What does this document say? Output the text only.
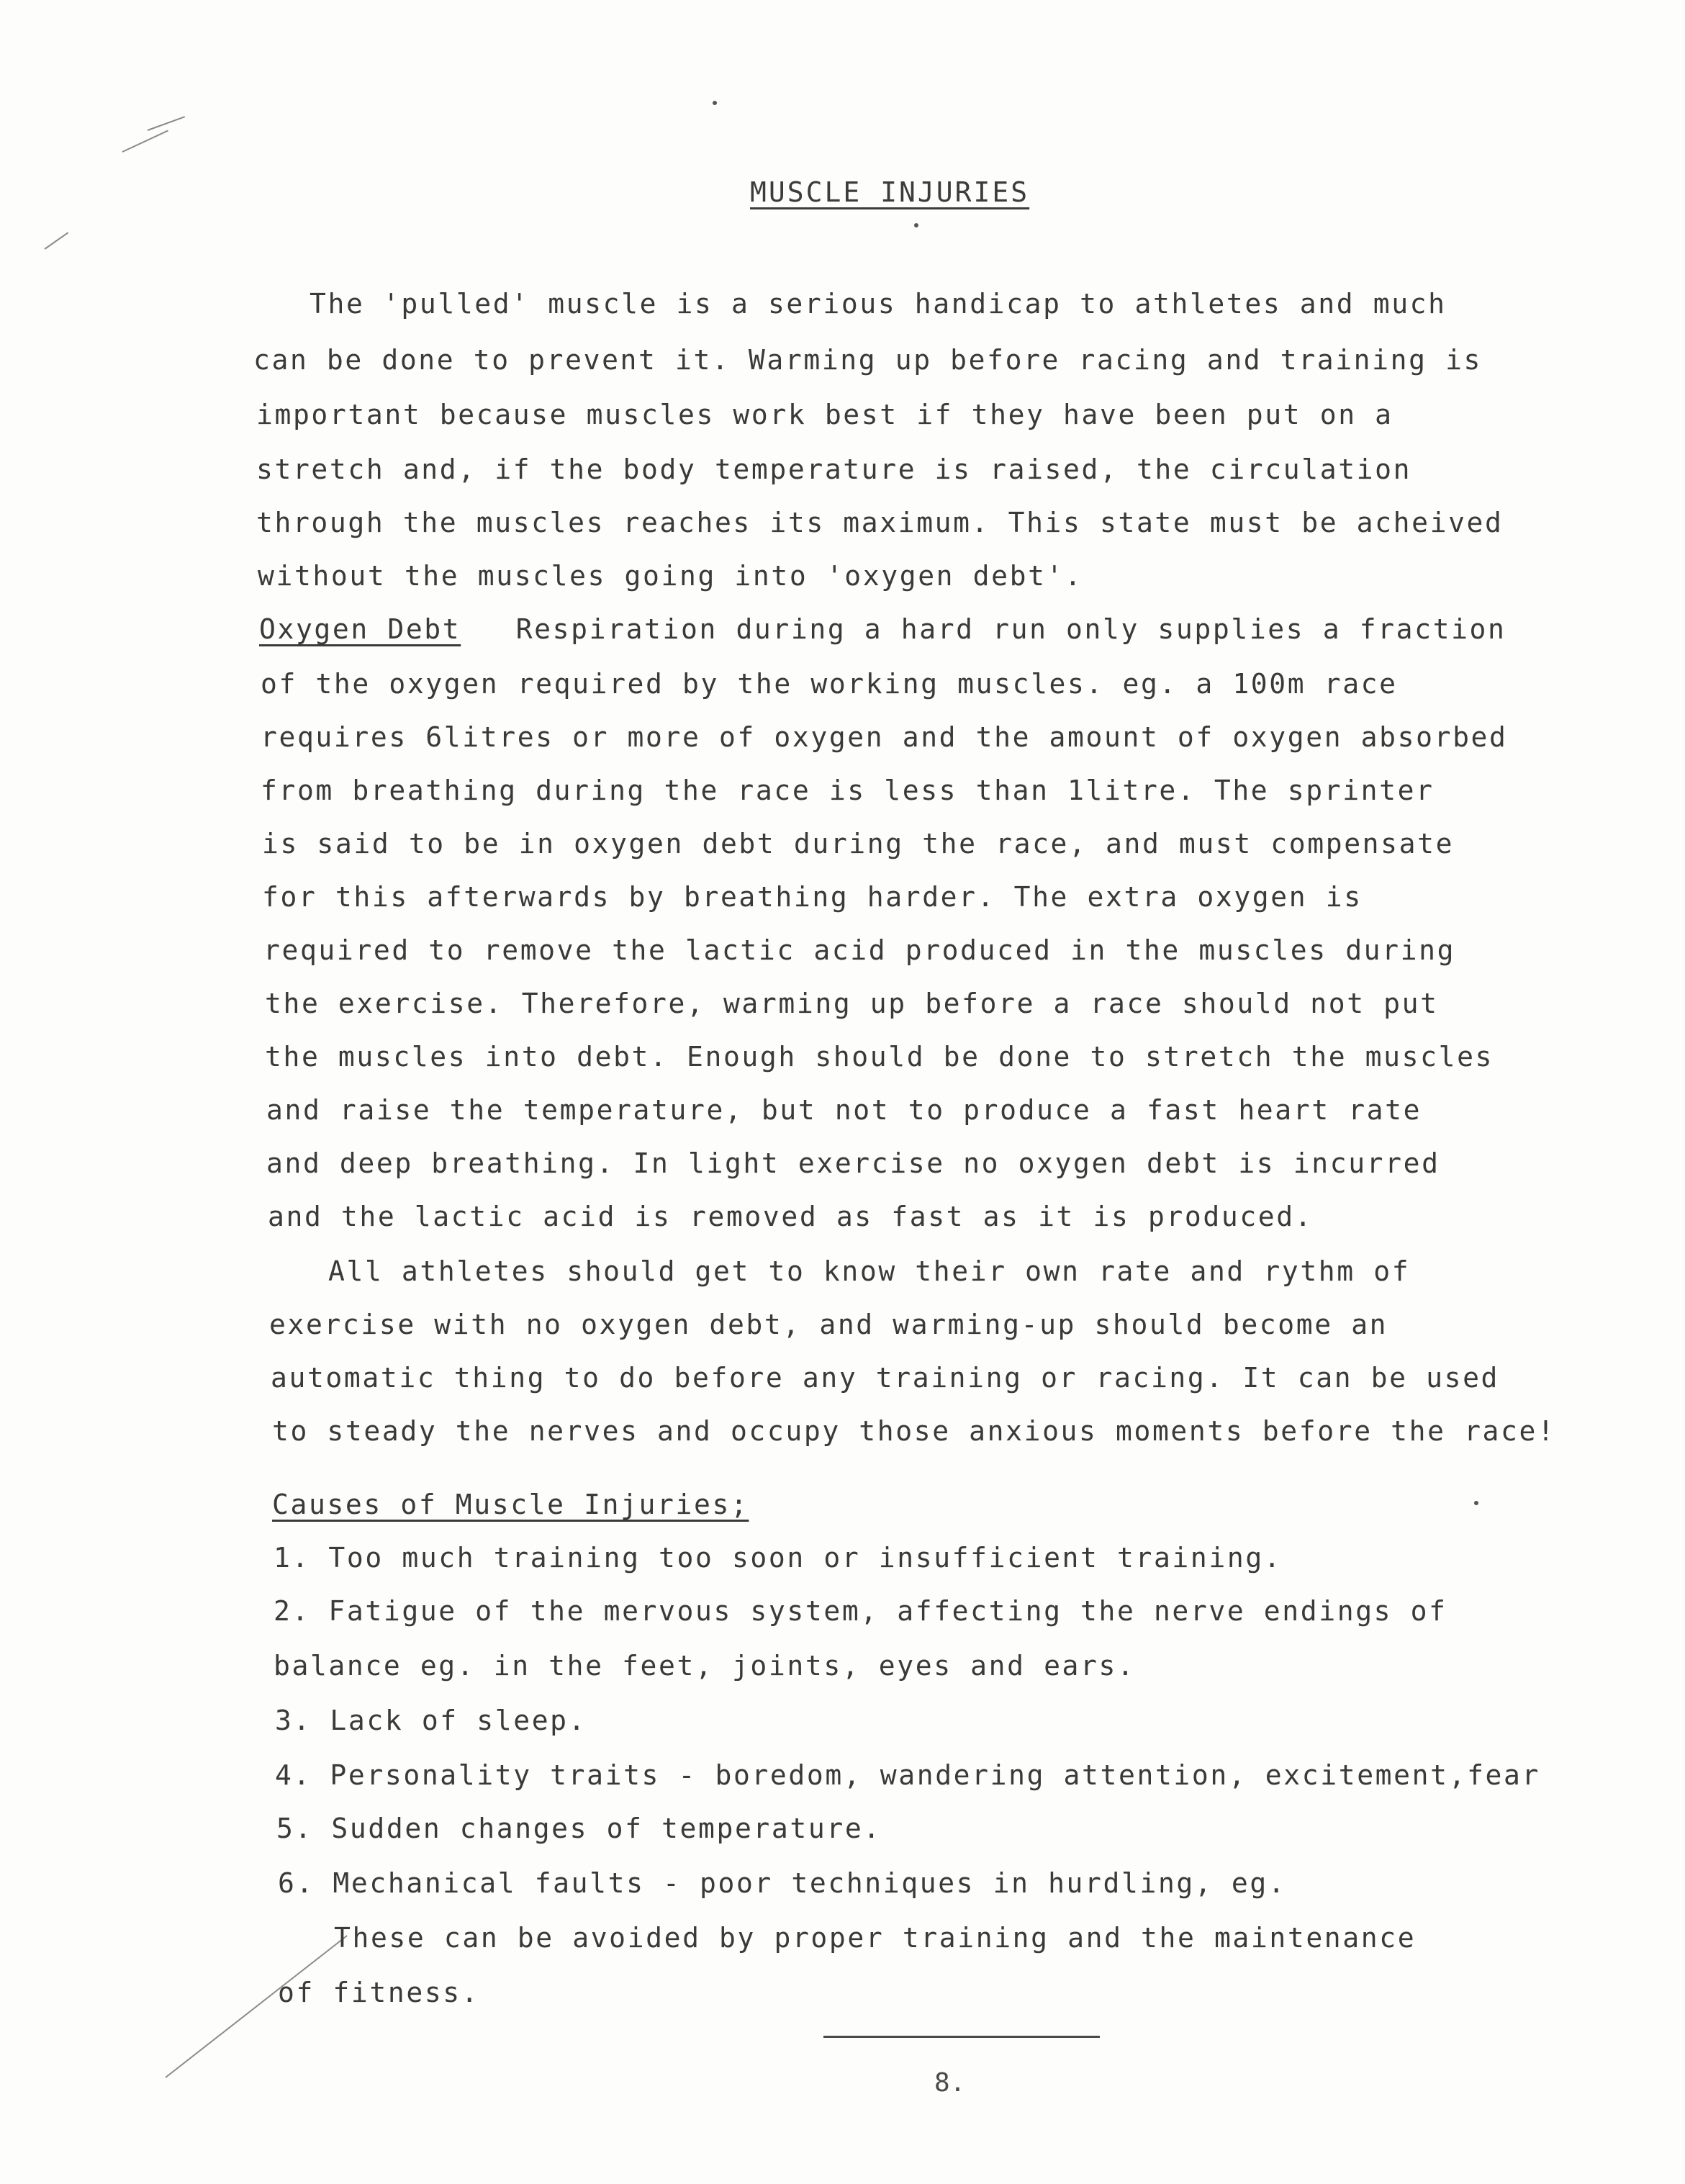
MUSCLE INJURIES
The 'pulled' muscle is a serious handicap to athletes and much
can be done to prevent it. Warming up before racing and training is
important because muscles work best if they have been put on a
stretch and, if the body temperature is raised, the circulation
through the muscles reaches its maximum. This state must be acheived
without the muscles going into 'oxygen debt'.
Oxygen Debt Respiration during a hard run only supplies a fraction
of the oxygen required by the working muscles. eg. a 100m race
requires 6litres or more of oxygen and the amount of oxygen absorbed
from breathing during the race is less than 1litre. The sprinter
is said to be in oxygen debt during the race, and must compensate
for this afterwards by breathing harder. The extra oxygen is
required to remove the lactic acid produced in the muscles during
the exercise. Therefore, warming up before a race should not put
the muscles into debt. Enough should be done to stretch the muscles
and raise the temperature, but not to produce a fast heart rate
and deep breathing. In light exercise no oxygen debt is incurred
and the lactic acid is removed as fast as it is produced.
All athletes should get to know their own rate and rythm of
exercise with no oxygen debt, and warming-up should become an
automatic thing to do before any training or racing. It can be used
to steady the nerves and occupy those anxious moments before the race!
Causes of Muscle Injuries;
1. Too much training too soon or insufficient training.
2. Fatigue of the mervous system, affecting the nerve endings of
balance eg. in the feet, joints, eyes and ears.
3. Lack of sleep.
4. Personality traits - boredom, wandering attention, excitement,fear
5. Sudden changes of temperature.
6. Mechanical faults - poor techniques in hurdling, eg.
These can be avoided by proper training and the maintenance
of fitness.
8.
